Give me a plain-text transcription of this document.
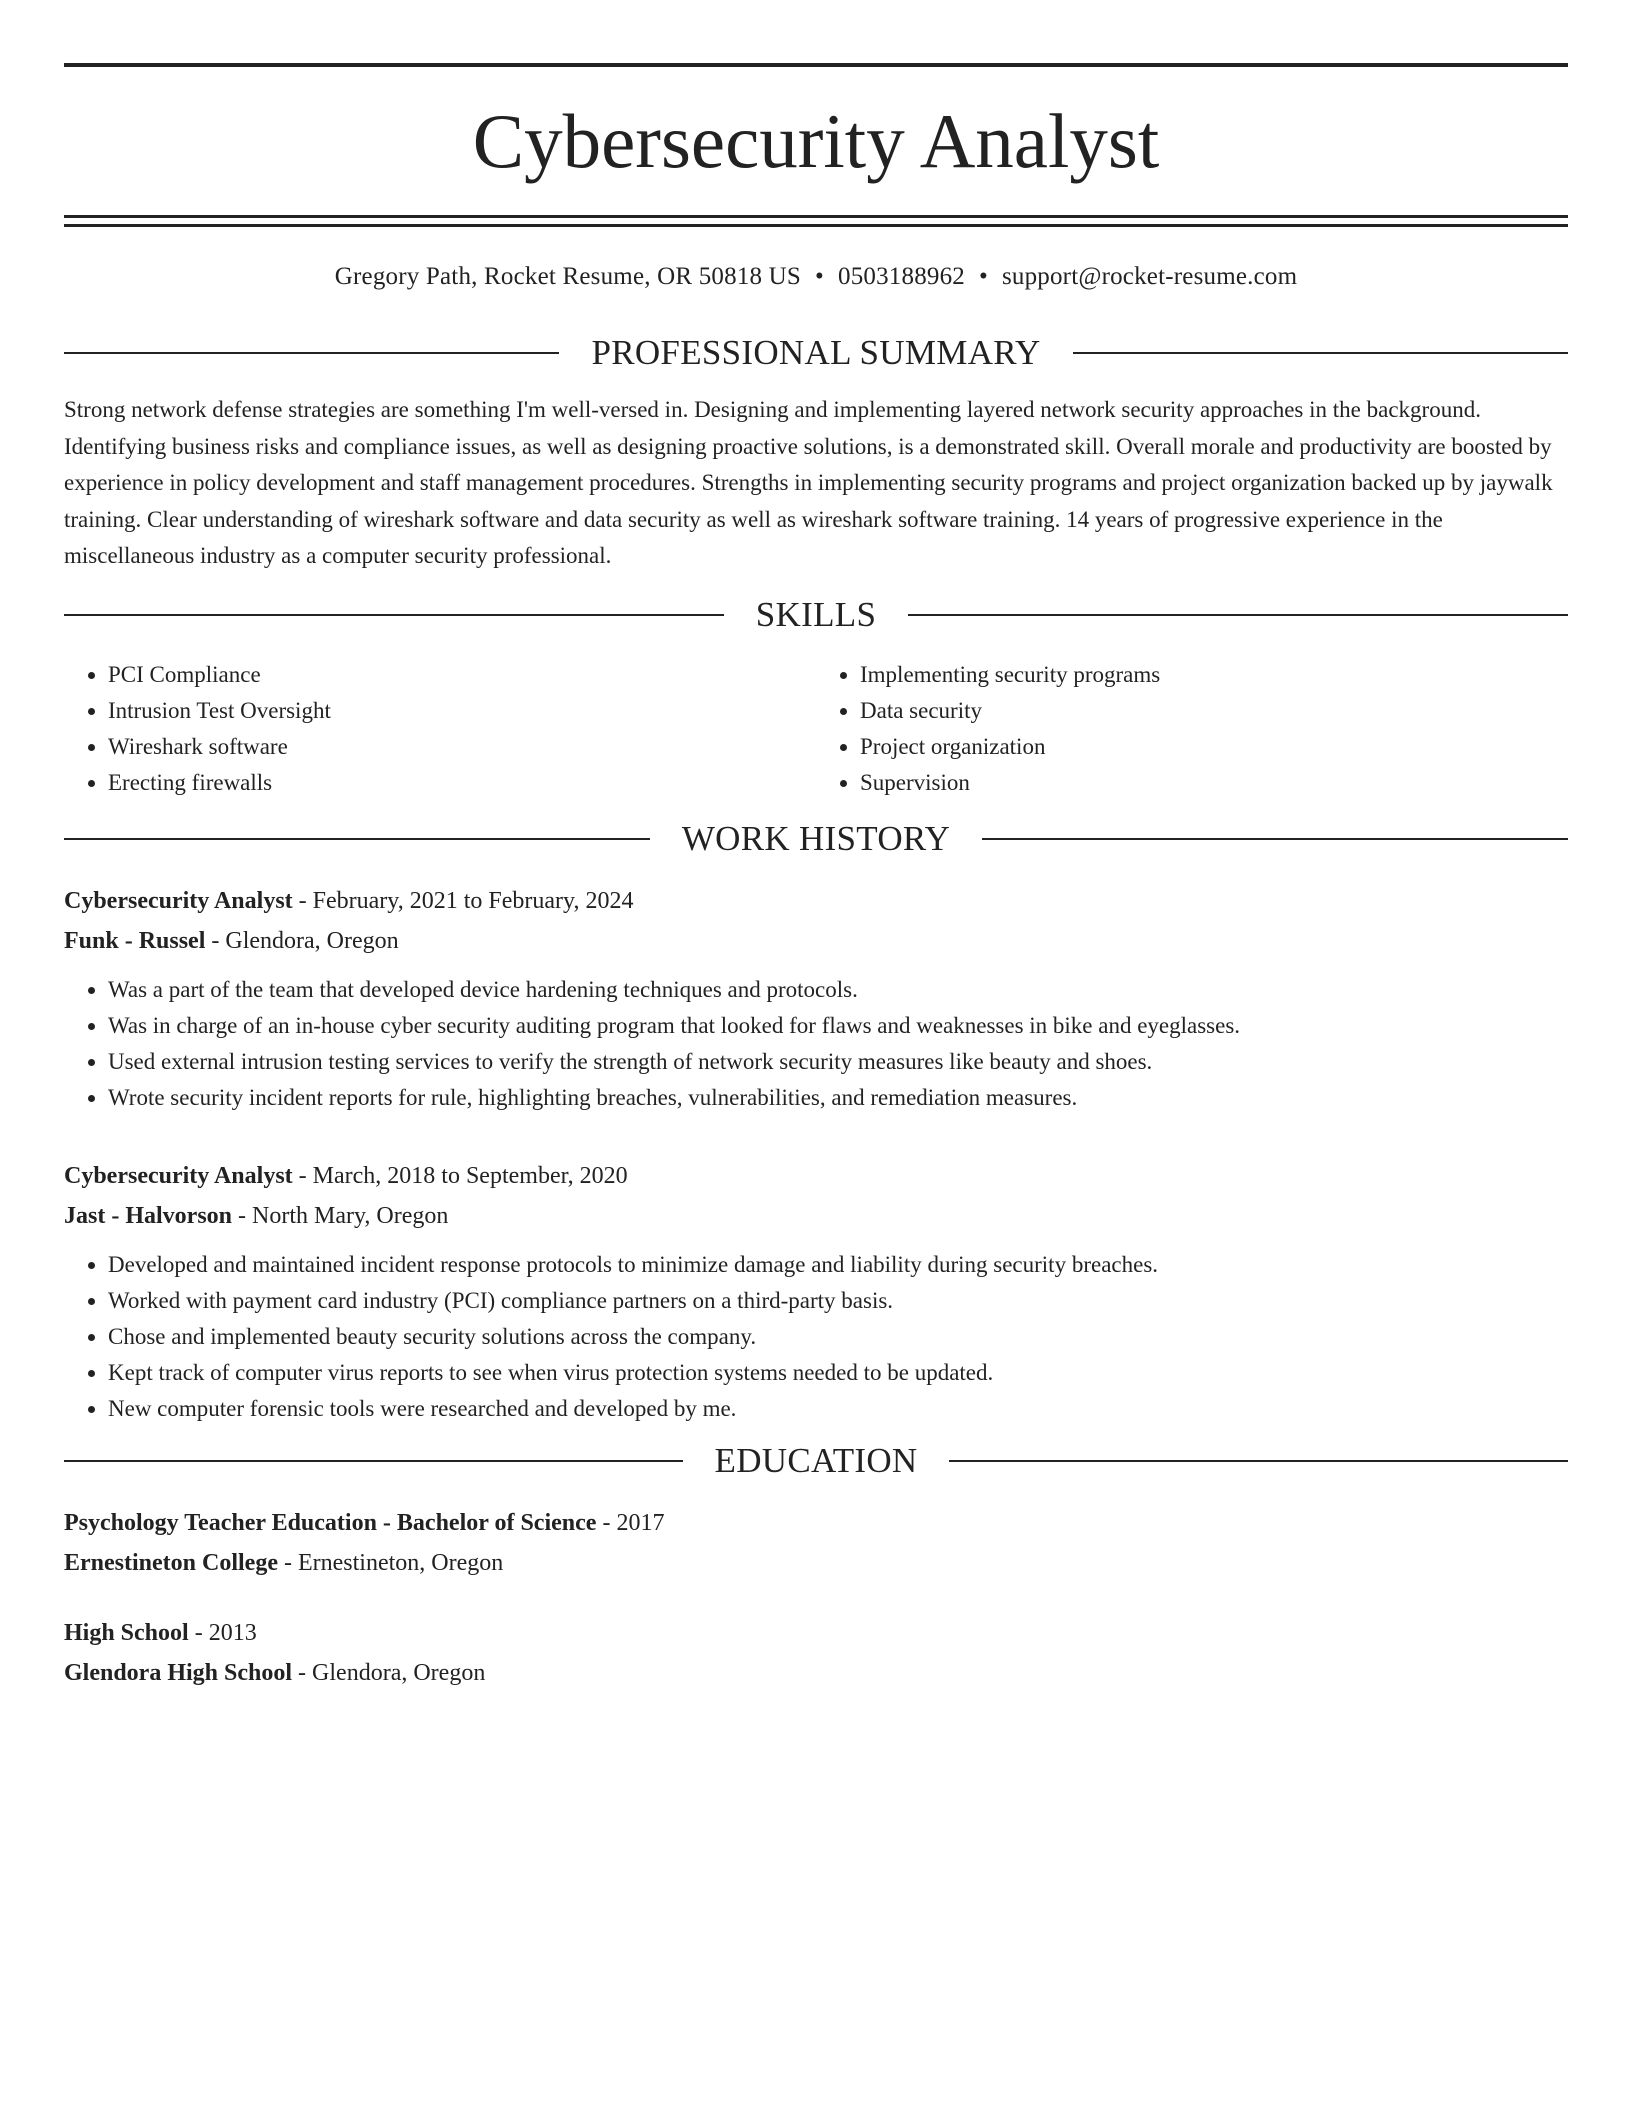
Cybersecurity Analyst
Gregory Path, Rocket Resume, OR 50818 US • 0503188962 • support@rocket-resume.com
PROFESSIONAL SUMMARY

Strong network defense strategies are something I'm well-versed in. Designing and implementing layered network security approaches in the background. Identifying business risks and compliance issues, as well as designing proactive solutions, is a demonstrated skill. Overall morale and productivity are boosted by experience in policy development and staff management procedures. Strengths in implementing security programs and project organization backed up by jaywalk training. Clear understanding of wireshark software and data security as well as wireshark software training. 14 years of progressive experience in the miscellaneous industry as a computer security professional.

SKILLS
• PCI Compliance
• Intrusion Test Oversight
• Wireshark software
• Erecting firewalls
• Implementing security programs
• Data security
• Project organization
• Supervision
WORK HISTORY
Cybersecurity Analyst - February, 2021 to February, 2024
Funk - Russel - Glendora, Oregon
• Was a part of the team that developed device hardening techniques and protocols.
• Was in charge of an in-house cyber security auditing program that looked for flaws and weaknesses in bike and eyeglasses.
• Used external intrusion testing services to verify the strength of network security measures like beauty and shoes.
• Wrote security incident reports for rule, highlighting breaches, vulnerabilities, and remediation measures.
Cybersecurity Analyst - March, 2018 to September, 2020
Jast - Halvorson - North Mary, Oregon
• Developed and maintained incident response protocols to minimize damage and liability during security breaches.
• Worked with payment card industry (PCI) compliance partners on a third-party basis.
• Chose and implemented beauty security solutions across the company.
• Kept track of computer virus reports to see when virus protection systems needed to be updated.
• New computer forensic tools were researched and developed by me.
EDUCATION
Psychology Teacher Education - Bachelor of Science - 2017
Ernestineton College - Ernestineton, Oregon
High School - 2013
Glendora High School - Glendora, Oregon
